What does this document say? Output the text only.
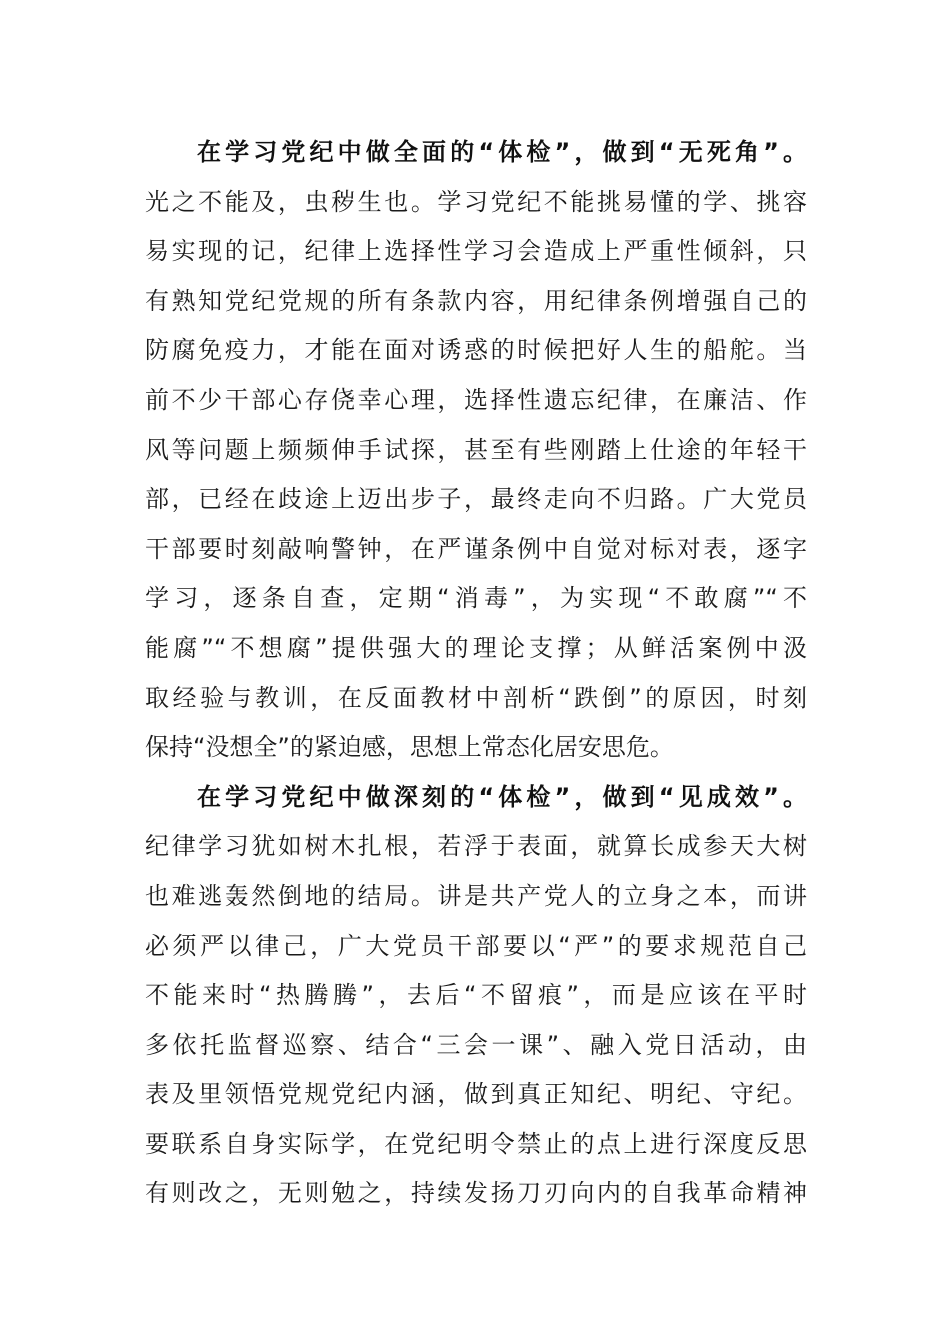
在学习党纪中做全面的“体检”，做到“无死角”。
光之不能及，虫秽生也。学习党纪不能挑易懂的学、挑容
易实现的记，纪律上选择性学习会造成上严重性倾斜，只
有熟知党纪党规的所有条款内容，用纪律条例增强自己的
防腐免疫力，才能在面对诱惑的时候把好人生的船舵。当
前不少干部心存侥幸心理，选择性遗忘纪律，在廉洁、作
风等问题上频频伸手试探，甚至有些刚踏上仕途的年轻干
部，已经在歧途上迈出步子，最终走向不归路。广大党员
干部要时刻敲响警钟，在严谨条例中自觉对标对表，逐字
学习，逐条自查，定期“消毒”，为实现“不敢腐”“不
能腐”“不想腐”提供强大的理论支撑；从鲜活案例中汲
取经验与教训，在反面教材中剖析“跌倒”的原因，时刻
保持“没想全”的紧迫感，思想上常态化居安思危。
在学习党纪中做深刻的“体检”，做到“见成效”。
纪律学习犹如树木扎根，若浮于表面，就算长成参天大树
也难逃轰然倒地的结局。讲是共产党人的立身之本，而讲
必须严以律己，广大党员干部要以“严”的要求规范自己
不能来时“热腾腾”，去后“不留痕”，而是应该在平时
多依托监督巡察、结合“三会一课”、融入党日活动，由
表及里领悟党规党纪内涵，做到真正知纪、明纪、守纪。
要联系自身实际学，在党纪明令禁止的点上进行深度反思
有则改之，无则勉之，持续发扬刀刃向内的自我革命精神
